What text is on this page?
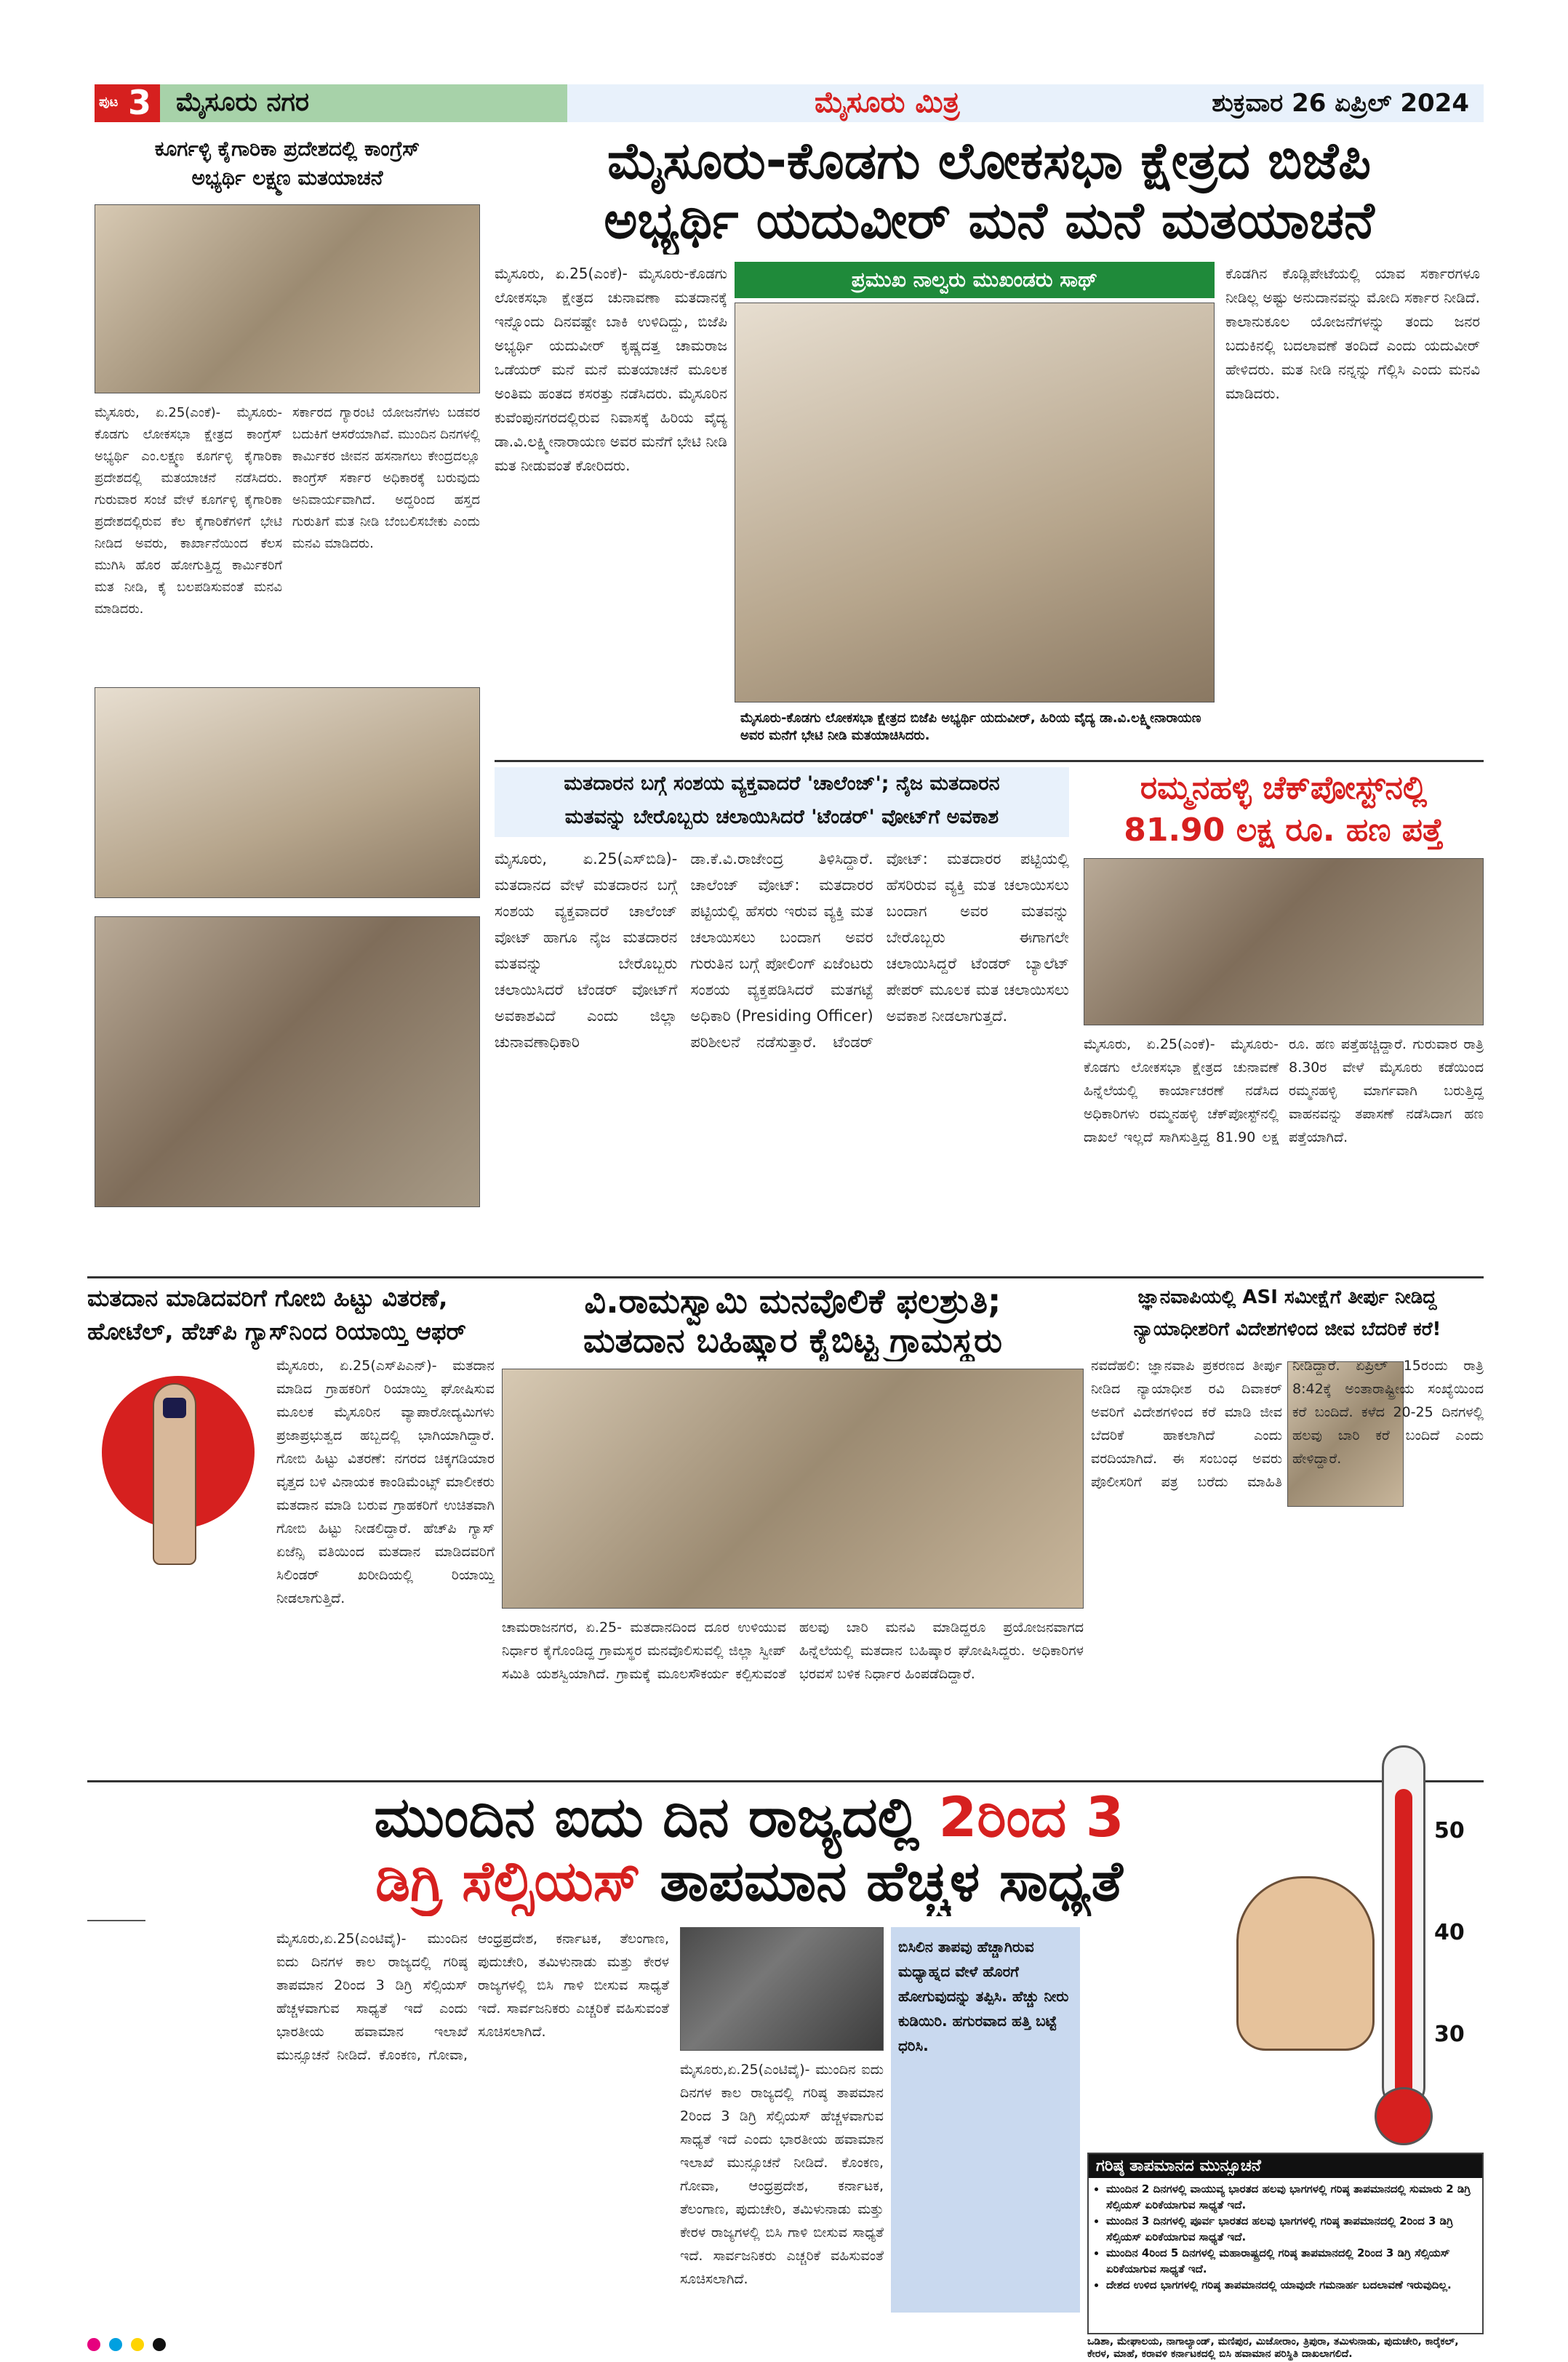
ಪುಟ 3 ಮೈಸೂರು ನಗರ	ಮೈಸೂರು ಮಿತ್ರ	ಶುಕ್ರವಾರ 26 ಏಪ್ರಿಲ್ 2024
ಕೂರ್ಗಳ್ಳಿ ಕೈಗಾರಿಕಾ ಪ್ರದೇಶದಲ್ಲಿ ಕಾಂಗ್ರೆಸ್
ಅಭ್ಯರ್ಥಿ ಲಕ್ಷ್ಮಣ ಮತಯಾಚನೆ
ಮೈಸೂರು, ಏ.25(ಎಂಕೆ)- ಮೈಸೂರು-ಕೊಡಗು ಲೋಕಸಭಾ ಕ್ಷೇತ್ರದ ಕಾಂಗ್ರೆಸ್ ಅಭ್ಯರ್ಥಿ ಎಂ.ಲಕ್ಷ್ಮಣ ಕೂರ್ಗಳ್ಳಿ ಕೈಗಾರಿಕಾ ಪ್ರದೇಶದಲ್ಲಿ ಮತಯಾಚನೆ ನಡೆಸಿದರು. ಗುರುವಾರ ಸಂಜೆ ವೇಳೆ ಕೂರ್ಗಳ್ಳಿ ಕೈಗಾರಿಕಾ ಪ್ರದೇಶದಲ್ಲಿರುವ ಕೆಲ ಕೈಗಾರಿಕೆಗಳಿಗೆ ಭೇಟಿ ನೀಡಿದ ಅವರು, ಕಾರ್ಖಾನೆಯಿಂದ ಕೆಲಸ ಮುಗಿಸಿ ಹೊರ ಹೋಗುತ್ತಿದ್ದ ಕಾರ್ಮಿಕರಿಗೆ ಮತ ನೀಡಿ, ಕೈ ಬಲಪಡಿಸುವಂತೆ ಮನವಿ ಮಾಡಿದರು.
ಸರ್ಕಾರದ ಗ್ಯಾರಂಟಿ ಯೋಜನೆಗಳು ಬಡವರ ಬದುಕಿಗೆ ಆಸರೆಯಾಗಿವೆ. ಮುಂದಿನ ದಿನಗಳಲ್ಲಿ ಕಾರ್ಮಿಕರ ಜೀವನ ಹಸನಾಗಲು ಕೇಂದ್ರದಲ್ಲೂ ಕಾಂಗ್ರೆಸ್ ಸರ್ಕಾರ ಅಧಿಕಾರಕ್ಕೆ ಬರುವುದು ಅನಿವಾರ್ಯವಾಗಿದೆ. ಅದ್ದರಿಂದ ಹಸ್ತದ ಗುರುತಿಗೆ ಮತ ನೀಡಿ ಬೆಂಬಲಿಸಬೇಕು ಎಂದು ಮನವಿ ಮಾಡಿದರು.
ಮೈಸೂರು-ಕೊಡಗು ಲೋಕಸಭಾ ಕ್ಷೇತ್ರದ ಬಿಜೆಪಿ
ಅಭ್ಯರ್ಥಿ ಯದುವೀರ್ ಮನೆ ಮನೆ ಮತಯಾಚನೆ
ಮೈಸೂರು, ಏ.25(ಎಂಕೆ)- ಮೈಸೂರು-ಕೊಡಗು ಲೋಕಸಭಾ ಕ್ಷೇತ್ರದ ಚುನಾವಣಾ ಮತದಾನಕ್ಕೆ ಇನ್ನೊಂದು ದಿನವಷ್ಟೇ ಬಾಕಿ ಉಳಿದಿದ್ದು, ಬಿಜೆಪಿ ಅಭ್ಯರ್ಥಿ ಯದುವೀರ್ ಕೃಷ್ಣದತ್ತ ಚಾಮರಾಜ ಒಡೆಯರ್ ಮನೆ ಮನೆ ಮತಯಾಚನೆ ಮೂಲಕ ಅಂತಿಮ ಹಂತದ ಕಸರತ್ತು ನಡೆಸಿದರು. ಮೈಸೂರಿನ ಕುವೆಂಪುನಗರದಲ್ಲಿರುವ ನಿವಾಸಕ್ಕೆ ಹಿರಿಯ ವೈದ್ಯ ಡಾ.ವಿ.ಲಕ್ಷ್ಮೀನಾರಾಯಣ ಅವರ ಮನೆಗೆ ಭೇಟಿ ನೀಡಿ ಮತ ನೀಡುವಂತೆ ಕೋರಿದರು.
ಪ್ರಮುಖ ನಾಲ್ವರು ಮುಖಂಡರು ಸಾಥ್
ಮೈಸೂರು-ಕೊಡಗು ಲೋಕಸಭಾ ಕ್ಷೇತ್ರದ ಬಿಜೆಪಿ ಅಭ್ಯರ್ಥಿ ಯದುವೀರ್, ಹಿರಿಯ ವೈದ್ಯ ಡಾ.ವಿ.ಲಕ್ಷ್ಮೀನಾರಾಯಣ ಅವರ ಮನೆಗೆ ಭೇಟಿ ನೀಡಿ ಮತಯಾಚಿಸಿದರು.
ಕೊಡಗಿನ ಕೊಡ್ಲಿಪೇಟೆಯಲ್ಲಿ ಯಾವ ಸರ್ಕಾರಗಳೂ ನೀಡಿಲ್ಲ ಅಷ್ಟು ಅನುದಾನವನ್ನು ಮೋದಿ ಸರ್ಕಾರ ನೀಡಿದೆ. ಕಾಲಾನುಕೂಲ ಯೋಜನೆಗಳನ್ನು ತಂದು ಜನರ ಬದುಕಿನಲ್ಲಿ ಬದಲಾವಣೆ ತಂದಿದೆ ಎಂದು ಯದುವೀರ್ ಹೇಳಿದರು. ಮತ ನೀಡಿ ನನ್ನನ್ನು ಗೆಲ್ಲಿಸಿ ಎಂದು ಮನವಿ ಮಾಡಿದರು.
ಮತದಾರನ ಬಗ್ಗೆ ಸಂಶಯ ವ್ಯಕ್ತವಾದರೆ 'ಚಾಲೆಂಜ್'; ನೈಜ ಮತದಾರನ
ಮತವನ್ನು ಬೇರೊಬ್ಬರು ಚಲಾಯಿಸಿದರೆ 'ಟೆಂಡರ್' ವೋಟ್‌ಗೆ ಅವಕಾಶ
ಮೈಸೂರು, ಏ.25(ಎಸ್‌ಬಿಡಿ)- ಮತದಾನದ ವೇಳೆ ಮತದಾರನ ಬಗ್ಗೆ ಸಂಶಯ ವ್ಯಕ್ತವಾದರೆ ಚಾಲೆಂಜ್ ವೋಟ್ ಹಾಗೂ ನೈಜ ಮತದಾರನ ಮತವನ್ನು ಬೇರೊಬ್ಬರು ಚಲಾಯಿಸಿದರೆ ಟೆಂಡರ್ ವೋಟ್‌ಗೆ ಅವಕಾಶವಿದೆ ಎಂದು ಜಿಲ್ಲಾ ಚುನಾವಣಾಧಿಕಾರಿ ಡಾ.ಕೆ.ವಿ.ರಾಜೇಂದ್ರ ತಿಳಿಸಿದ್ದಾರೆ. ಚಾಲೆಂಜ್ ವೋಟ್: ಮತದಾರರ ಪಟ್ಟಿಯಲ್ಲಿ ಹೆಸರು ಇರುವ ವ್ಯಕ್ತಿ ಮತ ಚಲಾಯಿಸಲು ಬಂದಾಗ ಅವರ ಗುರುತಿನ ಬಗ್ಗೆ ಪೋಲಿಂಗ್ ಏಜೆಂಟರು ಸಂಶಯ ವ್ಯಕ್ತಪಡಿಸಿದರೆ ಮತಗಟ್ಟೆ ಅಧಿಕಾರಿ (Presiding Officer) ಪರಿಶೀಲನೆ ನಡೆಸುತ್ತಾರೆ. ಟೆಂಡರ್ ವೋಟ್: ಮತದಾರರ ಪಟ್ಟಿಯಲ್ಲಿ ಹೆಸರಿರುವ ವ್ಯಕ್ತಿ ಮತ ಚಲಾಯಿಸಲು ಬಂದಾಗ ಅವರ ಮತವನ್ನು ಬೇರೊಬ್ಬರು ಈಗಾಗಲೇ ಚಲಾಯಿಸಿದ್ದರೆ ಟೆಂಡರ್ ಬ್ಯಾಲೆಟ್ ಪೇಪರ್ ಮೂಲಕ ಮತ ಚಲಾಯಿಸಲು ಅವಕಾಶ ನೀಡಲಾಗುತ್ತದೆ.
ರಮ್ಮನಹಳ್ಳಿ ಚೆಕ್‌ಪೋಸ್ಟ್‌ನಲ್ಲಿ
81.90 ಲಕ್ಷ ರೂ. ಹಣ ಪತ್ತೆ
ಮೈಸೂರು, ಏ.25(ಎಂಕೆ)- ಮೈಸೂರು-ಕೊಡಗು ಲೋಕಸಭಾ ಕ್ಷೇತ್ರದ ಚುನಾವಣೆ ಹಿನ್ನೆಲೆಯಲ್ಲಿ ಕಾರ್ಯಾಚರಣೆ ನಡೆಸಿದ ಅಧಿಕಾರಿಗಳು ರಮ್ಮನಹಳ್ಳಿ ಚೆಕ್‌ಪೋಸ್ಟ್‌ನಲ್ಲಿ ದಾಖಲೆ ಇಲ್ಲದೆ ಸಾಗಿಸುತ್ತಿದ್ದ 81.90 ಲಕ್ಷ ರೂ. ಹಣ ಪತ್ತೆಹಚ್ಚಿದ್ದಾರೆ. ಗುರುವಾರ ರಾತ್ರಿ 8.30ರ ವೇಳೆ ಮೈಸೂರು ಕಡೆಯಿಂದ ರಮ್ಮನಹಳ್ಳಿ ಮಾರ್ಗವಾಗಿ ಬರುತ್ತಿದ್ದ ವಾಹನವನ್ನು ತಪಾಸಣೆ ನಡೆಸಿದಾಗ ಹಣ ಪತ್ತೆಯಾಗಿದೆ.
ಮತದಾನ ಮಾಡಿದವರಿಗೆ ಗೋಬಿ ಹಿಟ್ಟು ವಿತರಣೆ,
ಹೋಟೆಲ್, ಹೆಚ್‌ಪಿ ಗ್ಯಾಸ್‌ನಿಂದ ರಿಯಾಯ್ತಿ ಆಫರ್
ಮೈಸೂರು, ಏ.25(ಎಸ್‌ಪಿಎನ್)- ಮತದಾನ ಮಾಡಿದ ಗ್ರಾಹಕರಿಗೆ ರಿಯಾಯ್ತಿ ಘೋಷಿಸುವ ಮೂಲಕ ಮೈಸೂರಿನ ವ್ಯಾಪಾರೋದ್ಯಮಿಗಳು ಪ್ರಜಾಪ್ರಭುತ್ವದ ಹಬ್ಬದಲ್ಲಿ ಭಾಗಿಯಾಗಿದ್ದಾರೆ. ಗೋಬಿ ಹಿಟ್ಟು ವಿತರಣೆ: ನಗರದ ಚಿಕ್ಕಗಡಿಯಾರ ವೃತ್ತದ ಬಳಿ ವಿನಾಯಕ ಕಾಂಡಿಮೆಂಟ್ಸ್ ಮಾಲೀಕರು ಮತದಾನ ಮಾಡಿ ಬರುವ ಗ್ರಾಹಕರಿಗೆ ಉಚಿತವಾಗಿ ಗೋಬಿ ಹಿಟ್ಟು ನೀಡಲಿದ್ದಾರೆ. ಹೆಚ್‌ಪಿ ಗ್ಯಾಸ್ ಏಜೆನ್ಸಿ ವತಿಯಿಂದ ಮತದಾನ ಮಾಡಿದವರಿಗೆ ಸಿಲಿಂಡರ್ ಖರೀದಿಯಲ್ಲಿ ರಿಯಾಯ್ತಿ ನೀಡಲಾಗುತ್ತಿದೆ.
ವಿ.ರಾಮಸ್ವಾಮಿ ಮನವೊಲಿಕೆ ಫಲಶ್ರುತಿ;
ಮತದಾನ ಬಹಿಷ್ಕಾರ ಕೈಬಿಟ್ಟ ಗ್ರಾಮಸ್ಥರು
ಚಾಮರಾಜನಗರ, ಏ.25- ಮತದಾನದಿಂದ ದೂರ ಉಳಿಯುವ ನಿರ್ಧಾರ ಕೈಗೊಂಡಿದ್ದ ಗ್ರಾಮಸ್ಥರ ಮನವೊಲಿಸುವಲ್ಲಿ ಜಿಲ್ಲಾ ಸ್ವೀಪ್ ಸಮಿತಿ ಯಶಸ್ವಿಯಾಗಿದೆ. ಗ್ರಾಮಕ್ಕೆ ಮೂಲಸೌಕರ್ಯ ಕಲ್ಪಿಸುವಂತೆ ಹಲವು ಬಾರಿ ಮನವಿ ಮಾಡಿದ್ದರೂ ಪ್ರಯೋಜನವಾಗದ ಹಿನ್ನೆಲೆಯಲ್ಲಿ ಮತದಾನ ಬಹಿಷ್ಕಾರ ಘೋಷಿಸಿದ್ದರು. ಅಧಿಕಾರಿಗಳ ಭರವಸೆ ಬಳಿಕ ನಿರ್ಧಾರ ಹಿಂಪಡೆದಿದ್ದಾರೆ.
ಜ್ಞಾನವಾಪಿಯಲ್ಲಿ ASI ಸಮೀಕ್ಷೆಗೆ ತೀರ್ಪು ನೀಡಿದ್ದ
ನ್ಯಾಯಾಧೀಶರಿಗೆ ವಿದೇಶಗಳಿಂದ ಜೀವ ಬೆದರಿಕೆ ಕರೆ!
ನವದೆಹಲಿ: ಜ್ಞಾನವಾಪಿ ಪ್ರಕರಣದ ತೀರ್ಪು ನೀಡಿದ ನ್ಯಾಯಾಧೀಶ ರವಿ ದಿವಾಕರ್ ಅವರಿಗೆ ವಿದೇಶಗಳಿಂದ ಕರೆ ಮಾಡಿ ಜೀವ ಬೆದರಿಕೆ ಹಾಕಲಾಗಿದೆ ಎಂದು ವರದಿಯಾಗಿದೆ. ಈ ಸಂಬಂಧ ಅವರು ಪೊಲೀಸರಿಗೆ ಪತ್ರ ಬರೆದು ಮಾಹಿತಿ ನೀಡಿದ್ದಾರೆ. ಏಪ್ರಿಲ್ 15ರಂದು ರಾತ್ರಿ 8:42ಕ್ಕೆ ಅಂತಾರಾಷ್ಟ್ರೀಯ ಸಂಖ್ಯೆಯಿಂದ ಕರೆ ಬಂದಿದೆ. ಕಳೆದ 20-25 ದಿನಗಳಲ್ಲಿ ಹಲವು ಬಾರಿ ಕರೆ ಬಂದಿದೆ ಎಂದು ಹೇಳಿದ್ದಾರೆ.
ಮುಂದಿನ ಐದು ದಿನ ರಾಜ್ಯದಲ್ಲಿ 2ರಿಂದ 3
ಡಿಗ್ರಿ ಸೆಲ್ಸಿಯಸ್ ತಾಪಮಾನ ಹೆಚ್ಚಳ ಸಾಧ್ಯತೆ
50
40
30
ಮೈಸೂರು,ಏ.25(ಎಂಟಿವೈ)- ಮುಂದಿನ ಐದು ದಿನಗಳ ಕಾಲ ರಾಜ್ಯದಲ್ಲಿ ಗರಿಷ್ಠ ತಾಪಮಾನ 2ರಿಂದ 3 ಡಿಗ್ರಿ ಸೆಲ್ಸಿಯಸ್ ಹೆಚ್ಚಳವಾಗುವ ಸಾಧ್ಯತೆ ಇದೆ ಎಂದು ಭಾರತೀಯ ಹವಾಮಾನ ಇಲಾಖೆ ಮುನ್ಸೂಚನೆ ನೀಡಿದೆ. ಕೊಂಕಣ, ಗೋವಾ, ಆಂಧ್ರಪ್ರದೇಶ, ಕರ್ನಾಟಕ, ತೆಲಂಗಾಣ, ಪುದುಚೇರಿ, ತಮಿಳುನಾಡು ಮತ್ತು ಕೇರಳ ರಾಜ್ಯಗಳಲ್ಲಿ ಬಿಸಿ ಗಾಳಿ ಬೀಸುವ ಸಾಧ್ಯತೆ ಇದೆ. ಸಾರ್ವಜನಿಕರು ಎಚ್ಚರಿಕೆ ವಹಿಸುವಂತೆ ಸೂಚಿಸಲಾಗಿದೆ.
ಮೈಸೂರು,ಏ.25(ಎಂಟಿವೈ)- ಮುಂದಿನ ಐದು ದಿನಗಳ ಕಾಲ ರಾಜ್ಯದಲ್ಲಿ ಗರಿಷ್ಠ ತಾಪಮಾನ 2ರಿಂದ 3 ಡಿಗ್ರಿ ಸೆಲ್ಸಿಯಸ್ ಹೆಚ್ಚಳವಾಗುವ ಸಾಧ್ಯತೆ ಇದೆ ಎಂದು ಭಾರತೀಯ ಹವಾಮಾನ ಇಲಾಖೆ ಮುನ್ಸೂಚನೆ ನೀಡಿದೆ. ಕೊಂಕಣ, ಗೋವಾ, ಆಂಧ್ರಪ್ರದೇಶ, ಕರ್ನಾಟಕ, ತೆಲಂಗಾಣ, ಪುದುಚೇರಿ, ತಮಿಳುನಾಡು ಮತ್ತು ಕೇರಳ ರಾಜ್ಯಗಳಲ್ಲಿ ಬಿಸಿ ಗಾಳಿ ಬೀಸುವ ಸಾಧ್ಯತೆ ಇದೆ. ಸಾರ್ವಜನಿಕರು ಎಚ್ಚರಿಕೆ ವಹಿಸುವಂತೆ ಸೂಚಿಸಲಾಗಿದೆ.
ಬಿಸಿಲಿನ ತಾಪವು ಹೆಚ್ಚಾಗಿರುವ ಮಧ್ಯಾಹ್ನದ ವೇಳೆ ಹೊರಗೆ ಹೋಗುವುದನ್ನು ತಪ್ಪಿಸಿ. ಹೆಚ್ಚು ನೀರು ಕುಡಿಯಿರಿ. ಹಗುರವಾದ ಹತ್ತಿ ಬಟ್ಟೆ ಧರಿಸಿ.
ಗರಿಷ್ಠ ತಾಪಮಾನದ ಮುನ್ಸೂಚನೆ
• ಮುಂದಿನ 2 ದಿನಗಳಲ್ಲಿ ವಾಯುವ್ಯ ಭಾರತದ ಹಲವು ಭಾಗಗಳಲ್ಲಿ ಗರಿಷ್ಠ ತಾಪಮಾನದಲ್ಲಿ ಸುಮಾರು 2 ಡಿಗ್ರಿ ಸೆಲ್ಸಿಯಸ್ ಏರಿಕೆಯಾಗುವ ಸಾಧ್ಯತೆ ಇದೆ.
• ಮುಂದಿನ 3 ದಿನಗಳಲ್ಲಿ ಪೂರ್ವ ಭಾರತದ ಹಲವು ಭಾಗಗಳಲ್ಲಿ ಗರಿಷ್ಠ ತಾಪಮಾನದಲ್ಲಿ 2ರಿಂದ 3 ಡಿಗ್ರಿ ಸೆಲ್ಸಿಯಸ್ ಏರಿಕೆಯಾಗುವ ಸಾಧ್ಯತೆ ಇದೆ.
• ಮುಂದಿನ 4ರಿಂದ 5 ದಿನಗಳಲ್ಲಿ ಮಹಾರಾಷ್ಟ್ರದಲ್ಲಿ ಗರಿಷ್ಠ ತಾಪಮಾನದಲ್ಲಿ 2ರಿಂದ 3 ಡಿಗ್ರಿ ಸೆಲ್ಸಿಯಸ್ ಏರಿಕೆಯಾಗುವ ಸಾಧ್ಯತೆ ಇದೆ.
• ದೇಶದ ಉಳಿದ ಭಾಗಗಳಲ್ಲಿ ಗರಿಷ್ಠ ತಾಪಮಾನದಲ್ಲಿ ಯಾವುದೇ ಗಮನಾರ್ಹ ಬದಲಾವಣೆ ಇರುವುದಿಲ್ಲ.
ಒಡಿಶಾ, ಮೇಘಾಲಯ, ನಾಗಾಲ್ಯಾಂಡ್, ಮಣಿಪುರ, ಮಿಜೋರಾಂ, ತ್ರಿಪುರಾ, ತಮಿಳುನಾಡು, ಪುದುಚೇರಿ, ಕಾರೈಕಲ್, ಕೇರಳ, ಮಾಹೆ, ಕರಾವಳಿ ಕರ್ನಾಟಕದಲ್ಲಿ ಬಿಸಿ ಹವಾಮಾನ ಪರಿಸ್ಥಿತಿ ದಾಖಲಾಗಲಿದೆ.
